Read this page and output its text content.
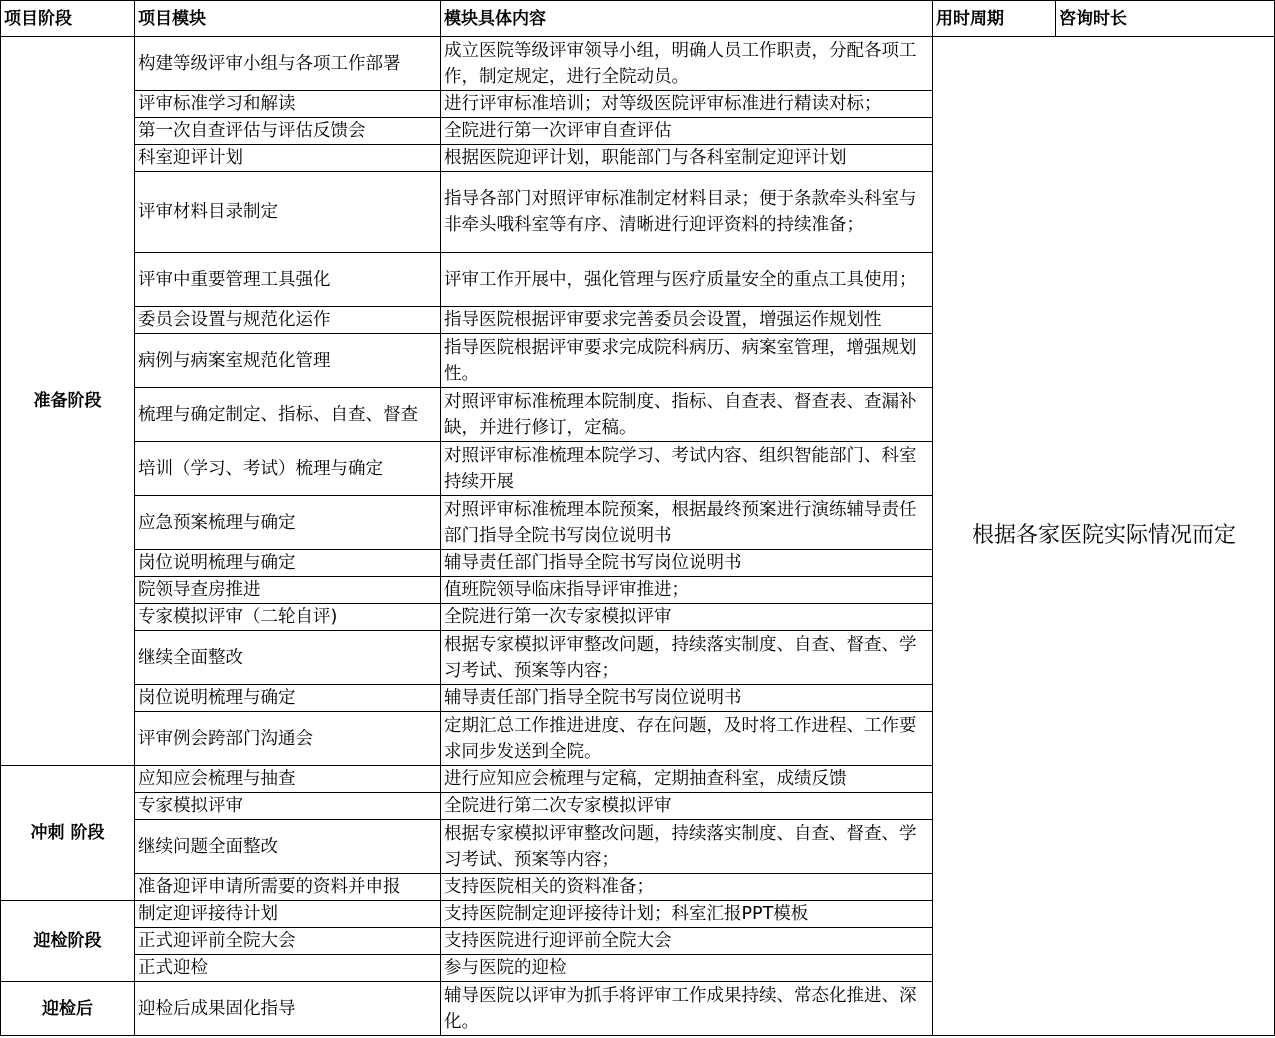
项目阶段	项目模块	模块具体内容	用时周期	咨询时长
准备阶段	构建等级评审小组与各项工作部署	成立医院等级评审领导小组，明确人员工作职责，分配各项工作，制定规定，进行全院动员。	根据各家医院实际情况而定	
	评审标准学习和解读	进行评审标准培训；对等级医院评审标准进行精读对标；		
	第一次自查评估与评估反馈会	全院进行第一次评审自查评估		
	科室迎评计划	根据医院迎评计划，职能部门与各科室制定迎评计划		
	评审材料目录制定	指导各部门对照评审标准制定材料目录；便于条款牵头科室与非牵头哦科室等有序、清晰进行迎评资料的持续准备；		
	评审中重要管理工具强化	评审工作开展中，强化管理与医疗质量安全的重点工具使用；		
	委员会设置与规范化运作	指导医院根据评审要求完善委员会设置，增强运作规划性		
	病例与病案室规范化管理	指导医院根据评审要求完成院科病历、病案室管理，增强规划性。		
	梳理与确定制定、指标、自查、督查	对照评审标准梳理本院制度、指标、自查表、督查表、查漏补缺，并进行修订，定稿。		
	培训（学习、考试）梳理与确定	对照评审标准梳理本院学习、考试内容、组织智能部门、科室持续开展		
	应急预案梳理与确定	对照评审标准梳理本院预案，根据最终预案进行演练辅导责任部门指导全院书写岗位说明书		
	岗位说明梳理与确定	辅导责任部门指导全院书写岗位说明书		
	院领导查房推进	值班院领导临床指导评审推进；		
	专家模拟评审（二轮自评)	全院进行第一次专家模拟评审		
	继续全面整改	根据专家模拟评审整改问题，持续落实制度、自查、督查、学习考试、预案等内容；		
	岗位说明梳理与确定	辅导责任部门指导全院书写岗位说明书		
	评审例会跨部门沟通会	定期汇总工作推进进度、存在问题，及时将工作进程、工作要求同步发送到全院。		
冲刺 阶段	应知应会梳理与抽查	进行应知应会梳理与定稿，定期抽查科室，成绩反馈		
	专家模拟评审	全院进行第二次专家模拟评审		
	继续问题全面整改	根据专家模拟评审整改问题，持续落实制度、自查、督查、学习考试、预案等内容；		
	准备迎评申请所需要的资料并申报	支持医院相关的资料准备；		
迎检阶段	制定迎评接待计划	支持医院制定迎评接待计划；科室汇报PPT模板		
	正式迎评前全院大会	支持医院进行迎评前全院大会		
	正式迎检	参与医院的迎检		
迎检后	迎检后成果固化指导	辅导医院以评审为抓手将评审工作成果持续、常态化推进、深化。		
